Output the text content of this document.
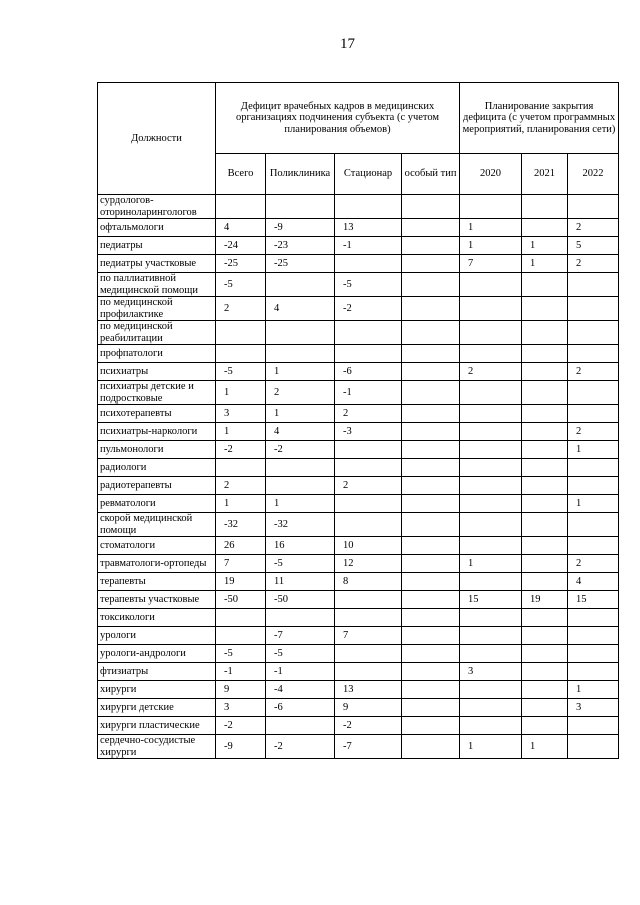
17
Должности	Дефицит врачебных кадров в медицинских организациях подчинения субъекта (с учетом планирования объемов)				Планирование закрытия дефицита (с учетом программных мероприятий, планирования сети)		
	Всего	Поликлиника	Стационар	особый тип	2020	2021	2022
сурдологов-оториноларингологов							
офтальмологи	4	-9	13		1		2
педиатры	-24	-23	-1		1	1	5
педиатры участковые	-25	-25			7	1	2
по паллиативной медицинской помощи	-5		-5				
по медицинской профилактике	2	4	-2				
по медицинской реабилитации							
профпатологи							
психиатры	-5	1	-6		2		2
психиатры детские и подростковые	1	2	-1				
психотерапевты	3	1	2				
психиатры-наркологи	1	4	-3				2
пульмонологи	-2	-2					1
радиологи							
радиотерапевты	2		2				
ревматологи	1	1					1
скорой медицинской помощи	-32	-32					
стоматологи	26	16	10				
травматологи-ортопеды	7	-5	12		1		2
терапевты	19	11	8				4
терапевты участковые	-50	-50			15	19	15
токсикологи							
урологи		-7	7				
урологи-андрологи	-5	-5					
фтизиатры	-1	-1			3		
хирурги	9	-4	13				1
хирурги детские	3	-6	9				3
хирурги пластические	-2		-2				
сердечно-сосудистые хирурги	-9	-2	-7		1	1	
